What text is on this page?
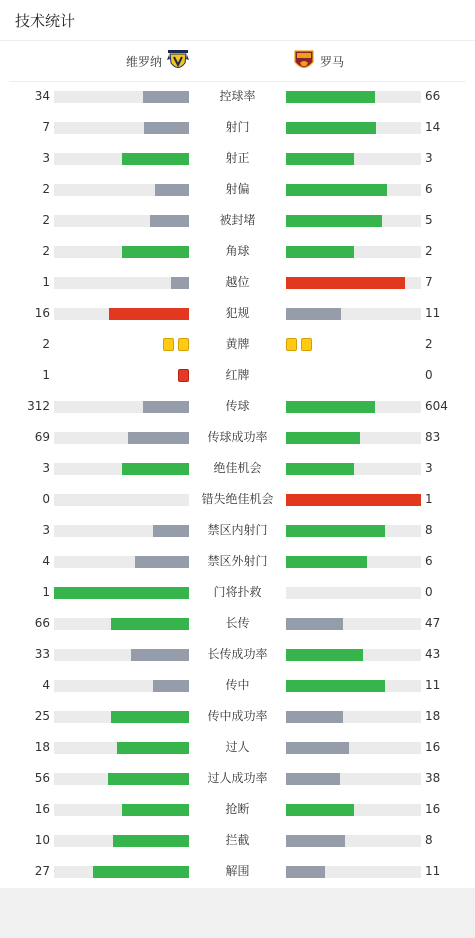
技术统计
维罗纳	罗马
34	控球率	66
7	射门	14
3	射正	3
2	射偏	6
2	被封堵	5
2	角球	2
1	越位	7
16	犯规	11
2	黄牌	2
1	红牌	0
312	传球	604
69	传球成功率	83
3	绝佳机会	3
0	错失绝佳机会	1
3	禁区内射门	8
4	禁区外射门	6
1	门将扑救	0
66	长传	47
33	长传成功率	43
4	传中	11
25	传中成功率	18
18	过人	16
56	过人成功率	38
16	抢断	16
10	拦截	8
27	解围	11
